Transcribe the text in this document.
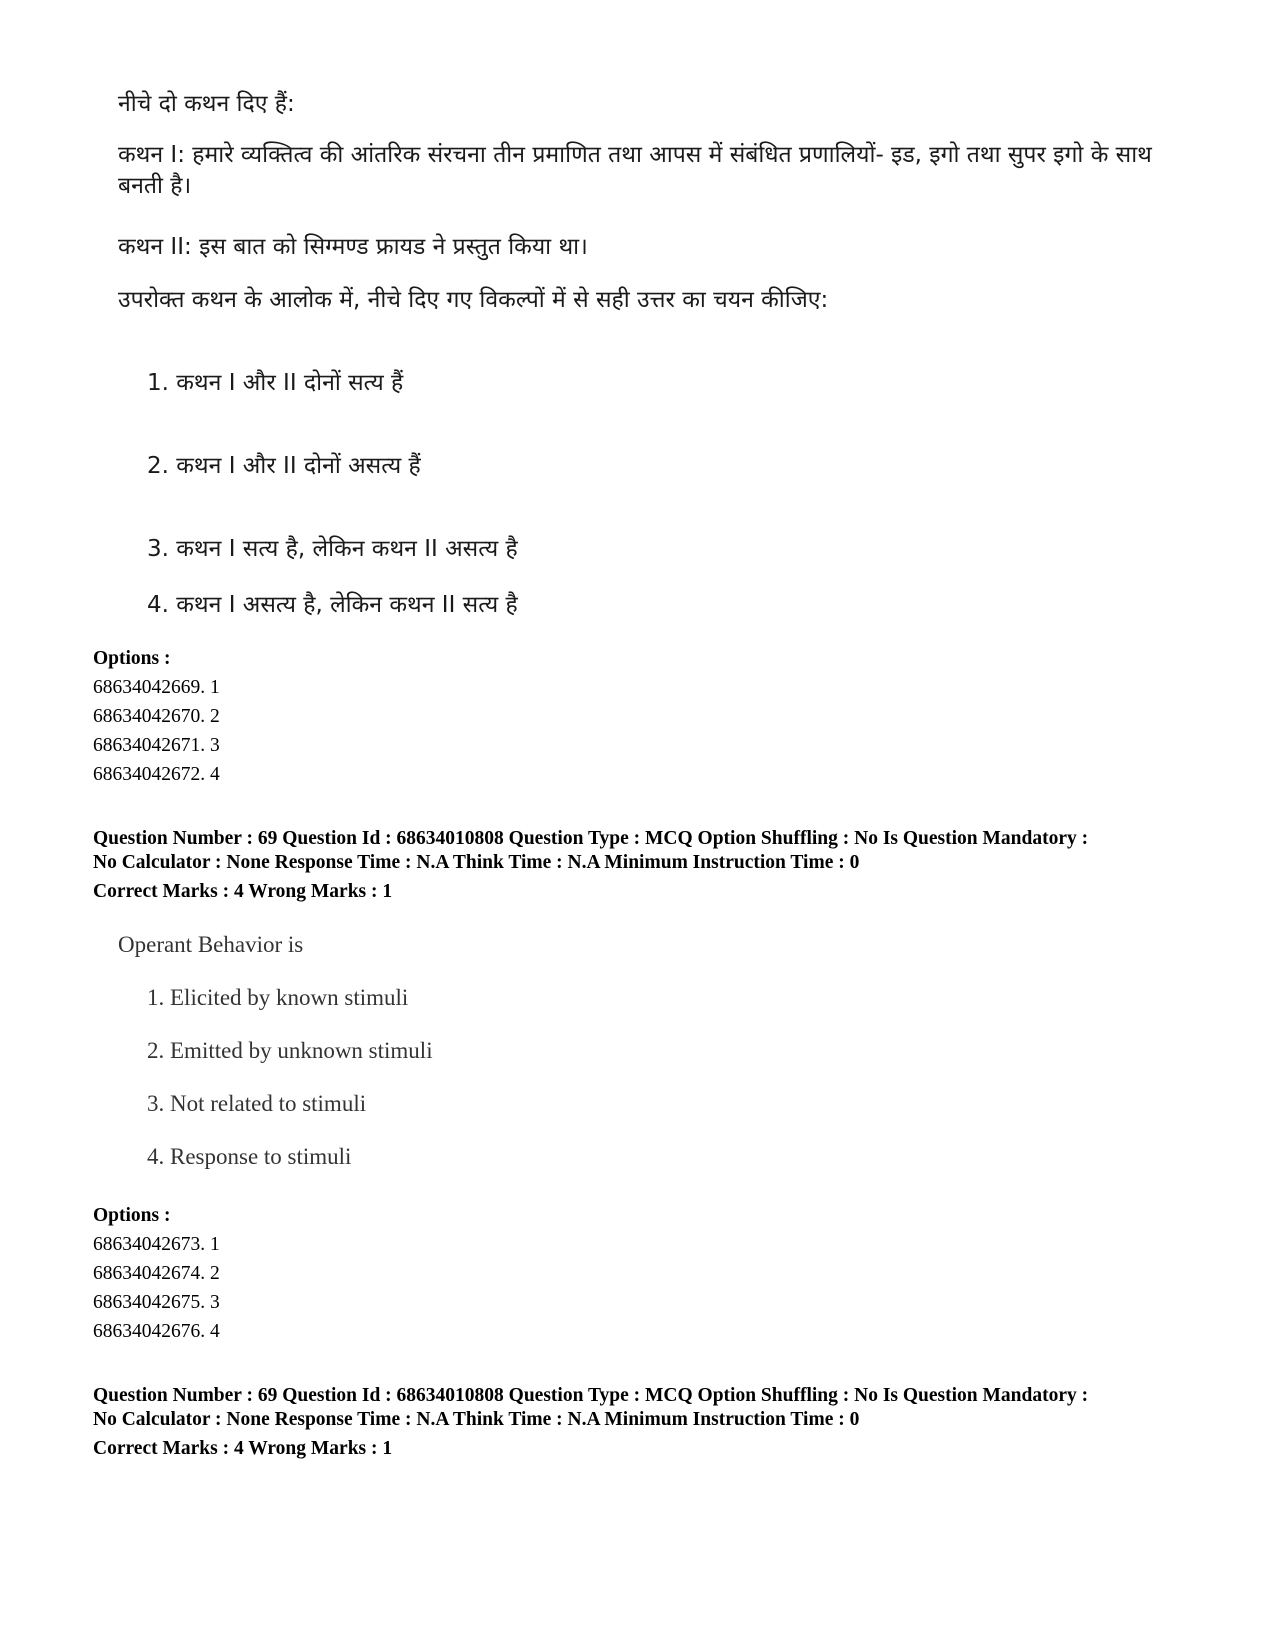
नीचे दो कथन दिए हैं:
कथन I: हमारे व्यक्तित्व की आंतरिक संरचना तीन प्रमाणित तथा आपस में संबंधित प्रणालियों- इड, इगो तथा सुपर इगो के साथ बनती है।
कथन II: इस बात को सिग्मण्ड फ्रायड ने प्रस्तुत किया था।
उपरोक्त कथन के आलोक में, नीचे दिए गए विकल्पों में से सही उत्तर का चयन कीजिए:
1. कथन I और II दोनों सत्य हैं
2. कथन I और II दोनों असत्य हैं
3. कथन I सत्य है, लेकिन कथन II असत्य है
4. कथन I असत्य है, लेकिन कथन II सत्य है
Options :
68634042669. 1
68634042670. 2
68634042671. 3
68634042672. 4
Question Number : 69 Question Id : 68634010808 Question Type : MCQ Option Shuffling : No Is Question Mandatory :
No Calculator : None Response Time : N.A Think Time : N.A Minimum Instruction Time : 0
Correct Marks : 4 Wrong Marks : 1
Operant Behavior is
1. Elicited by known stimuli
2. Emitted by unknown stimuli
3. Not related to stimuli
4. Response to stimuli
Options :
68634042673. 1
68634042674. 2
68634042675. 3
68634042676. 4
Question Number : 69 Question Id : 68634010808 Question Type : MCQ Option Shuffling : No Is Question Mandatory :
No Calculator : None Response Time : N.A Think Time : N.A Minimum Instruction Time : 0
Correct Marks : 4 Wrong Marks : 1
